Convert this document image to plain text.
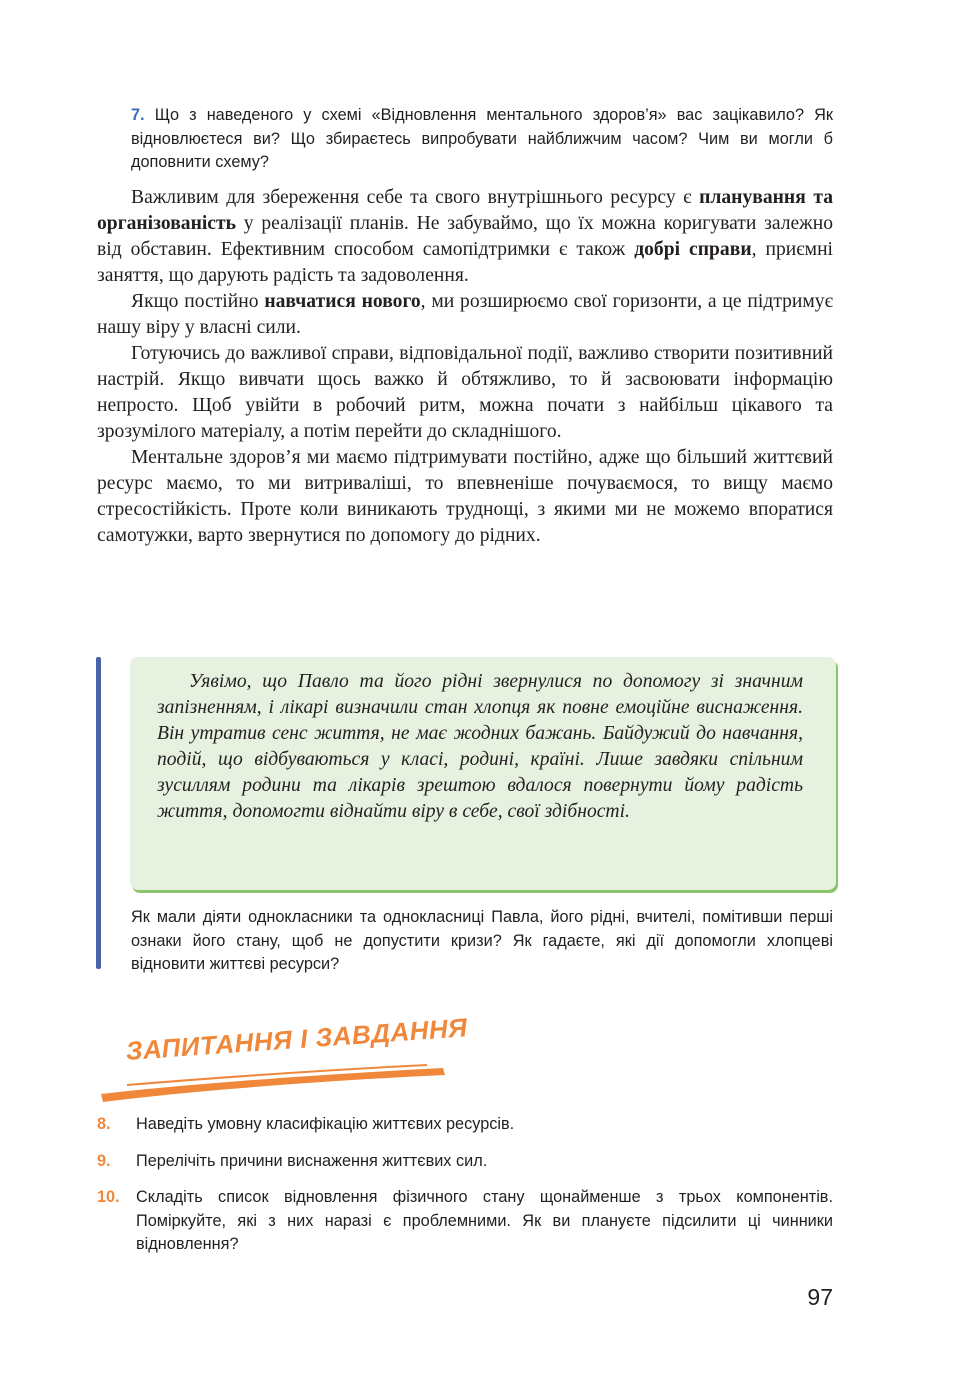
7. Що з наведеного у схемі «Відновлення ментального здоров’я» вас зацікавило? Як відновлюєтеся ви? Що збираєтесь випробувати найближчим часом? Чим ви могли б доповнити схему?

Важливим для збереження себе та свого внутрішнього ресурсу є планування та організованість у реалізації планів. Не забуваймо, що їх можна коригувати залежно від обставин. Ефективним способом самопідтримки є також добрі справи, приємні заняття, що дарують радість та задоволення.

Якщо постійно навчатися нового, ми розширюємо свої горизонти, а це підтримує нашу віру у власні сили.

Готуючись до важливої справи, відповідальної події, важливо створити позитивний настрій. Якщо вивчати щось важко й обтяжливо, то й засвоювати інформацію непросто. Щоб увійти в робочий ритм, можна почати з найбільш цікавого та зрозумілого матеріалу, а потім перейти до складнішого.

Ментальне здоров’я ми маємо підтримувати постійно, адже що більший життєвий ресурс маємо, то ми витриваліші, то впевненіше почуваємося, то вищу маємо стресостійкість. Проте коли виникають труднощі, з якими ми не можемо впоратися самотужки, варто звернутися по допомогу до рідних.

Уявімо, що Павло та його рідні звернулися по допомогу зі значним запізненням, і лікарі визначили стан хлопця як повне емоційне виснаження. Він утратив сенс життя, не має жодних бажань. Байдужий до навчання, подій, що відбуваються у класі, родині, країні. Лише завдяки спільним зусиллям родини та лікарів зрештою вдалося повернути йому радість життя, допомогти віднайти віру в себе, свої здібності.

Як мали діяти однокласники та однокласниці Павла, його рідні, вчителі, помітивши перші ознаки його стану, щоб не допустити кризи? Як гадаєте, які дії допомогли хлопцеві відновити життєві ресурси?

ЗАПИТАННЯ І ЗАВДАННЯ
8.	Наведіть умовну класифікацію життєвих ресурсів.
9.	Перелічіть причини виснаження життєвих сил.
10.	Складіть список відновлення фізичного стану щонайменше з трьох компонентів. Поміркуйте, які з них наразі є проблемними. Як ви плануєте підсилити ці чинники відновлення?
97
